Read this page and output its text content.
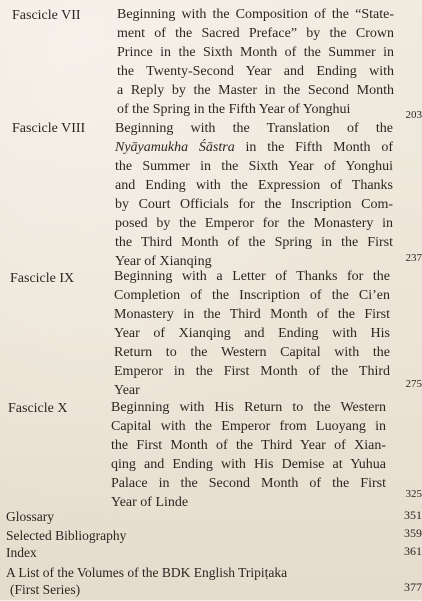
Fascicle VII	Beginning with the Composition of the “State-
ment of the Sacred Preface” by the Crown
Prince in the Sixth Month of the Summer in
the Twenty-Second Year and Ending with
a Reply by the Master in the Second Month
of the Spring in the Fifth Year of Yonghui	203
Fascicle VIII Beginning with the Translation of the
Nyāyamukha Śāstra in the Fifth Month of
the Summer in the Sixth Year of Yonghui
and Ending with the Expression of Thanks
by Court Officials for the Inscription Com-
posed by the Emperor for the Monastery in
the Third Month of the Spring in the First
Year of Xianqing	237
Fascicle IX	Beginning with a Letter of Thanks for the
Completion of the Inscription of the Ci’en
Monastery in the Third Month of the First
Year of Xianqing and Ending with His
Return to the Western Capital with the
Emperor in the First Month of the Third
Year	275
Fascicle X	Beginning with His Return to the Western
Capital with the Emperor from Luoyang in
the First Month of the Third Year of Xian-
qing and Ending with His Demise at Yuhua
Palace in the Second Month of the First
Year of Linde
325
Glossary	351
Selected Bibliography	359
Index	361
A List of the Volumes of the BDK English Tripiṭaka
(First Series)	377
